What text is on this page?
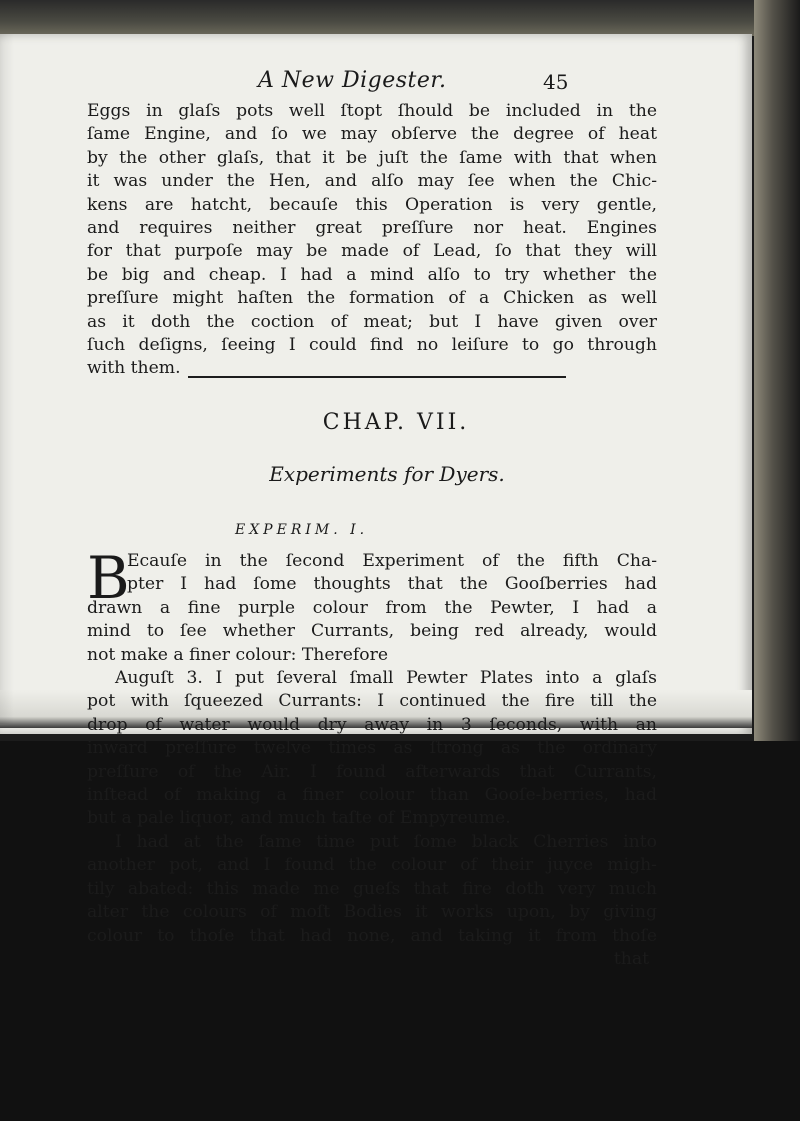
A New Digester.	45
Eggs in glaſs pots well ſtopt ſhould be included in the
ſame Engine, and ſo we may obſerve the degree of heat
by the other glaſs, that it be juſt the ſame with that when
it was under the Hen, and alſo may ſee when the Chic-
kens are hatcht, becauſe this Operation is very gentle,
and requires neither great preſſure nor heat. Engines
for that purpoſe may be made of Lead, ſo that they will
be big and cheap. I had a mind alſo to try whether the
preſſure might haſten the formation of a Chicken as well
as it doth the coction of meat; but I have given over
ſuch deſigns, ſeeing I could find no leiſure to go through
with them.
CHAP. VII.
Experiments for Dyers.
EXPERIM. I.
B
Ecauſe in the ſecond Experiment of the fifth Cha-
pter I had ſome thoughts that the Gooſberries had
drawn a fine purple colour from the Pewter, I had a
mind to ſee whether Currants, being red already, would
not make a finer colour: Therefore
Auguſt 3. I put ſeveral ſmall Pewter Plates into a glaſs
pot with ſqueezed Currants: I continued the fire till the
drop of water would dry away in 3 ſeconds, with an
inward preſſure twelve times as ſtrong as the ordinary
preſſure of the Air. I found afterwards that Currants,
inſtead of making a finer colour than Gooſe-berries, had
but a pale liquor, and much taſte of Empyreume.
I had at the ſame time put ſome black Cherries into
another pot, and I found the colour of their juyce migh-
tily abated: this made me gueſs that fire doth very much
alter the colours of moſt Bodies it works upon, by giving
colour to thoſe that had none, and taking it from thoſe
that
